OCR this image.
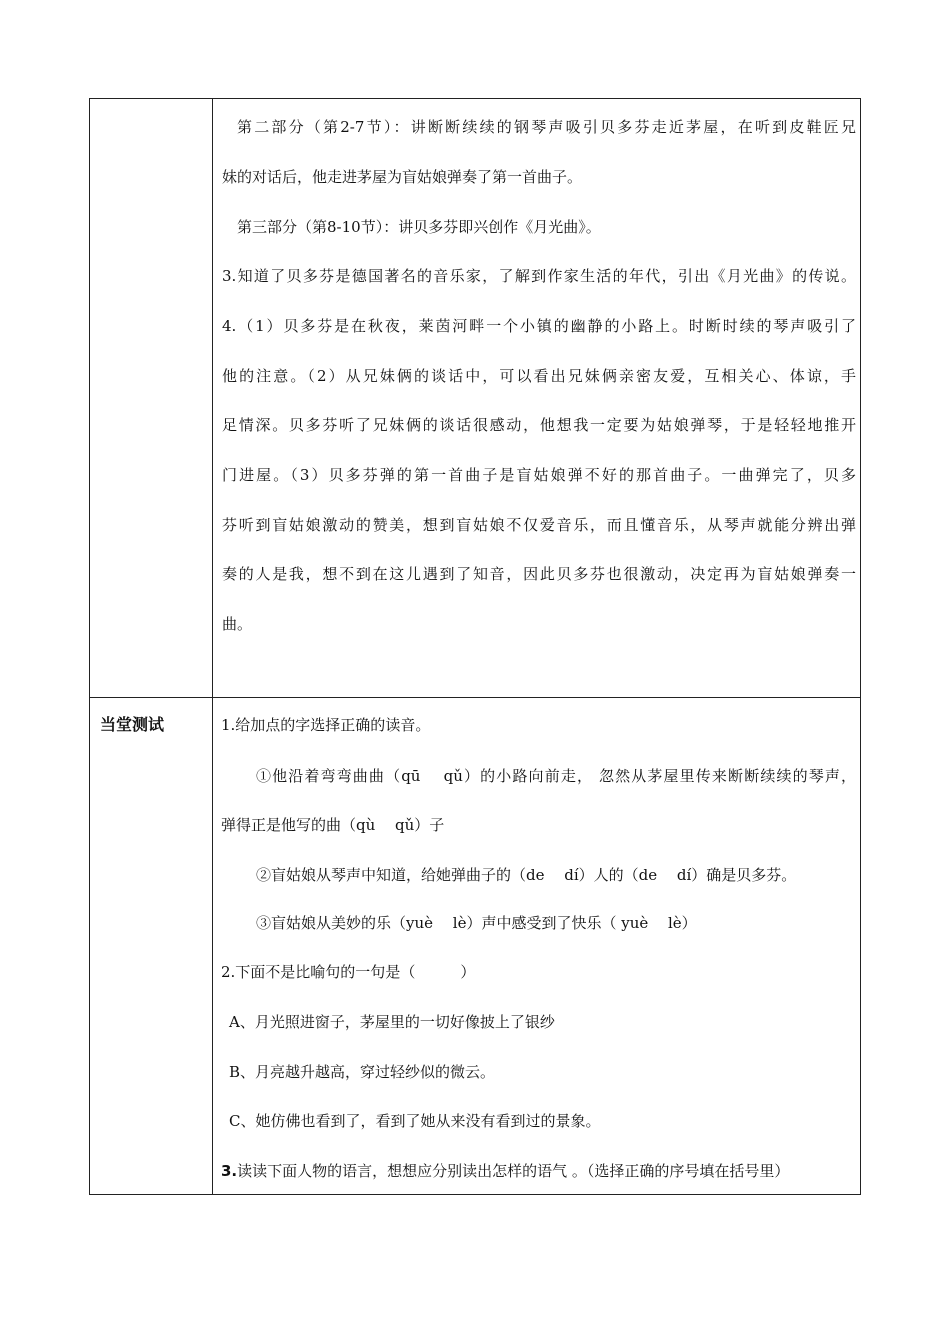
第二部分（第2-7节）：讲断断续续的钢琴声吸引贝多芬走近茅屋，在听到皮鞋匠兄
妹的对话后，他走进茅屋为盲姑娘弹奏了第一首曲子。
第三部分（第8-10节）：讲贝多芬即兴创作《月光曲》。
3.知道了贝多芬是德国著名的音乐家，了解到作家生活的年代，引出《月光曲》的传说。
4.（1）贝多芬是在秋夜，莱茵河畔一个小镇的幽静的小路上。时断时续的琴声吸引了
他的注意。（2）从兄妹俩的谈话中，可以看出兄妹俩亲密友爱，互相关心、体谅，手
足情深。贝多芬听了兄妹俩的谈话很感动，他想我一定要为姑娘弹琴，于是轻轻地推开
门进屋。（3）贝多芬弹的第一首曲子是盲姑娘弹不好的那首曲子。一曲弹完了，贝多
芬听到盲姑娘激动的赞美，想到盲姑娘不仅爱音乐，而且懂音乐，从琴声就能分辨出弹
奏的人是我，想不到在这儿遇到了知音，因此贝多芬也很激动，决定再为盲姑娘弹奏一
曲。
当堂测试	1.给加点的字选择正确的读音。
①他沿着弯弯曲曲（qū　 qǔ）的小路向前走， 忽然从茅屋里传来断断续续的琴声，
弹得正是他写的曲（qù　 qǔ）子
②盲姑娘从琴声中知道，给她弹曲子的（de　 dí）人的（de　 dí）确是贝多芬。
③盲姑娘从美妙的乐（yuè　 lè）声中感受到了快乐（ yuè　 lè）
2.下面不是比喻句的一句是（　　　）
A、月光照进窗子，茅屋里的一切好像披上了银纱
B、月亮越升越高，穿过轻纱似的微云。
C、她仿佛也看到了，看到了她从来没有看到过的景象。
3.读读下面人物的语言，想想应分别读出怎样的语气 。（选择正确的序号填在括号里）
